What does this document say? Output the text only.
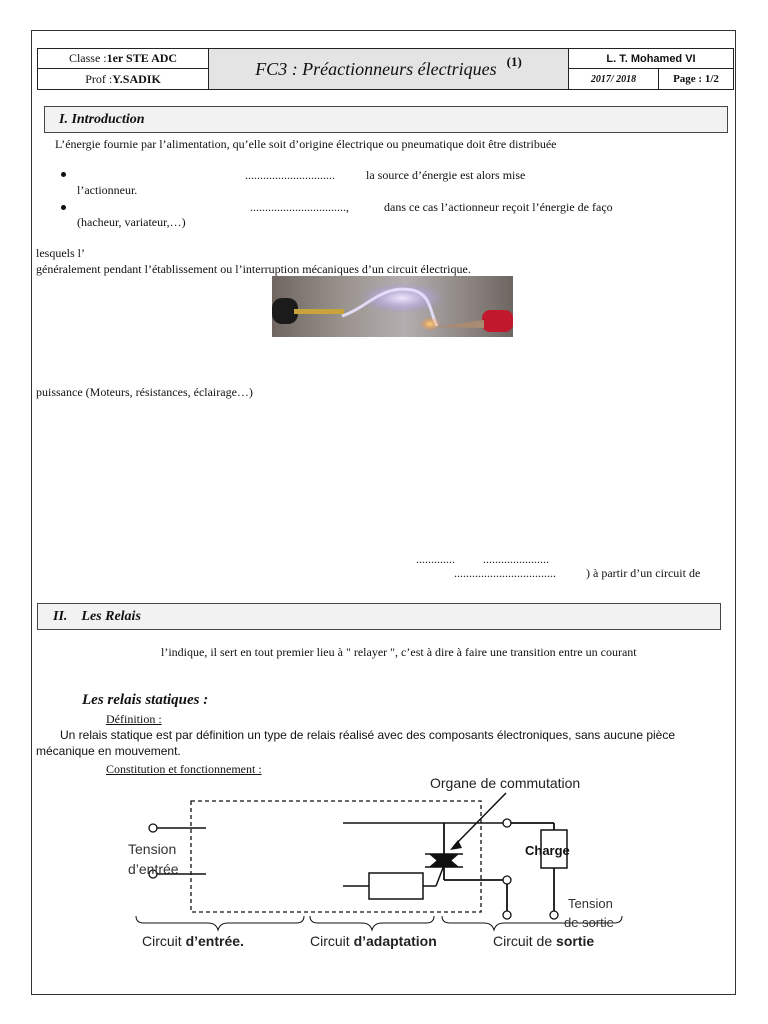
Classe : 1er STE ADC
Prof : Y.SADIK	FC3 : Préactionneurs électriques (1)	L. T. Mohamed VI
2017/ 2018	Page : 1/2
I. Introduction
L’énergie fournie par l’alimentation, qu’elle soit d’origine électrique ou pneumatique doit être distribuée
..............................	la source d’énergie est alors mise
l’actionneur.
................................,	dans ce cas l’actionneur reçoit l’énergie de faço
(hacheur, variateur,…)
lesquels l’
généralement pendant l’établissement ou l’interruption mécaniques d’un circuit électrique.
puissance (Moteurs, résistances, éclairage…)
............. ......................
..................................	) à partir d’un circuit de
II.    Les Relais
l’indique, il sert en tout premier lieu à " relayer ", c’est à dire à faire une transition entre un courant
Les relais statiques :
Définition :
Un relais statique est par définition un type de relais réalisé avec des composants électroniques, sans aucune pièce
mécanique en mouvement.
Constitution et fonctionnement :
Organe de commutation
Tension
d’entrée
Charge
Tension
de sortie
Circuit d’entrée.	Circuit d’adaptation	Circuit de sortie
